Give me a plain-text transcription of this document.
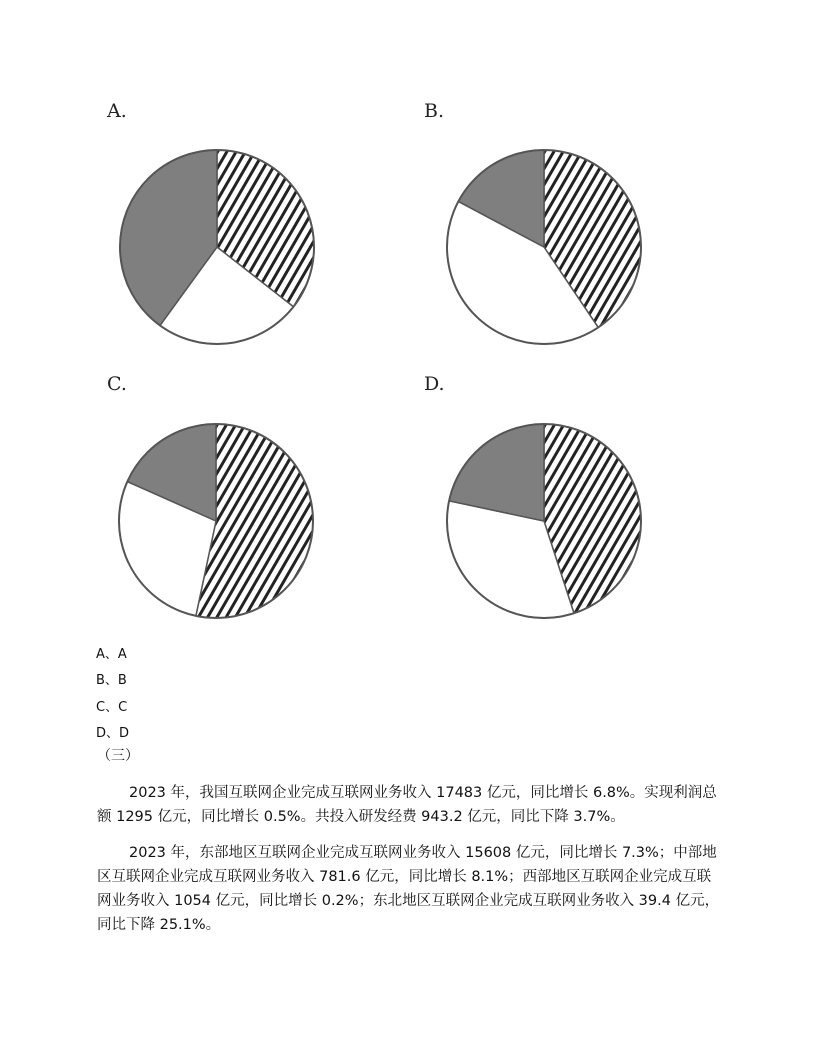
A.	B.
C.	D.
A、A
B、B
C、C
D、D
（三）

2023 年，我国互联网企业完成互联网业务收入 17483 亿元，同比增长 6.8%。实现利润总额 1295 亿元，同比增长 0.5%。共投入研发经费 943.2 亿元，同比下降 3.7%。

2023 年，东部地区互联网企业完成互联网业务收入 15608 亿元，同比增长 7.3%；中部地区互联网企业完成互联网业务收入 781.6 亿元，同比增长 8.1%；西部地区互联网企业完成互联网业务收入 1054 亿元，同比增长 0.2%；东北地区互联网企业完成互联网业务收入 39.4 亿元，同比下降 25.1%。
